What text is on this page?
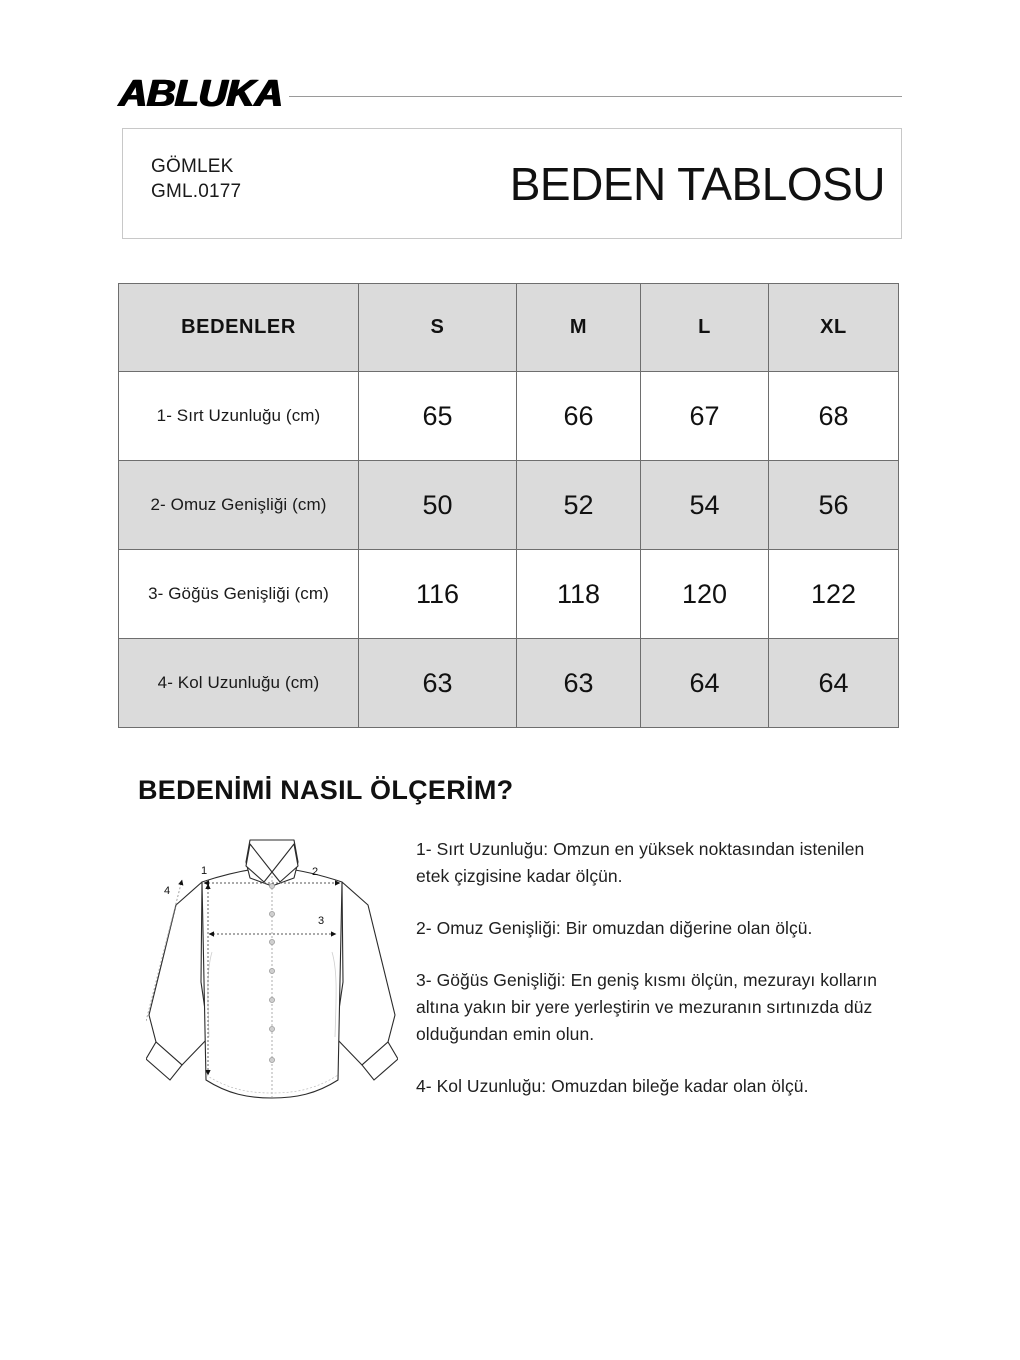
ABLUKA
GÖMLEK
GML.0177	BEDEN TABLOSU
BEDENLER	S	M	L	XL
1- Sırt Uzunluğu (cm)	65	66	67	68
2- Omuz Genişliği (cm)	50	52	54	56
3- Göğüs Genişliği (cm)	116	118	120	122
4- Kol Uzunluğu (cm)	63	63	64	64
BEDENİMİ NASIL ÖLÇERİM?
1	2
3
4
1- Sırt Uzunluğu: Omzun en yüksek noktasından istenilen etek çizgisine kadar ölçün.
2- Omuz Genişliği: Bir omuzdan diğerine olan ölçü.
3- Göğüs Genişliği: En geniş kısmı ölçün, mezurayı kolların altına yakın bir yere yerleştirin ve mezuranın sırtınızda düz olduğundan emin olun.
4- Kol Uzunluğu: Omuzdan bileğe kadar olan ölçü.
